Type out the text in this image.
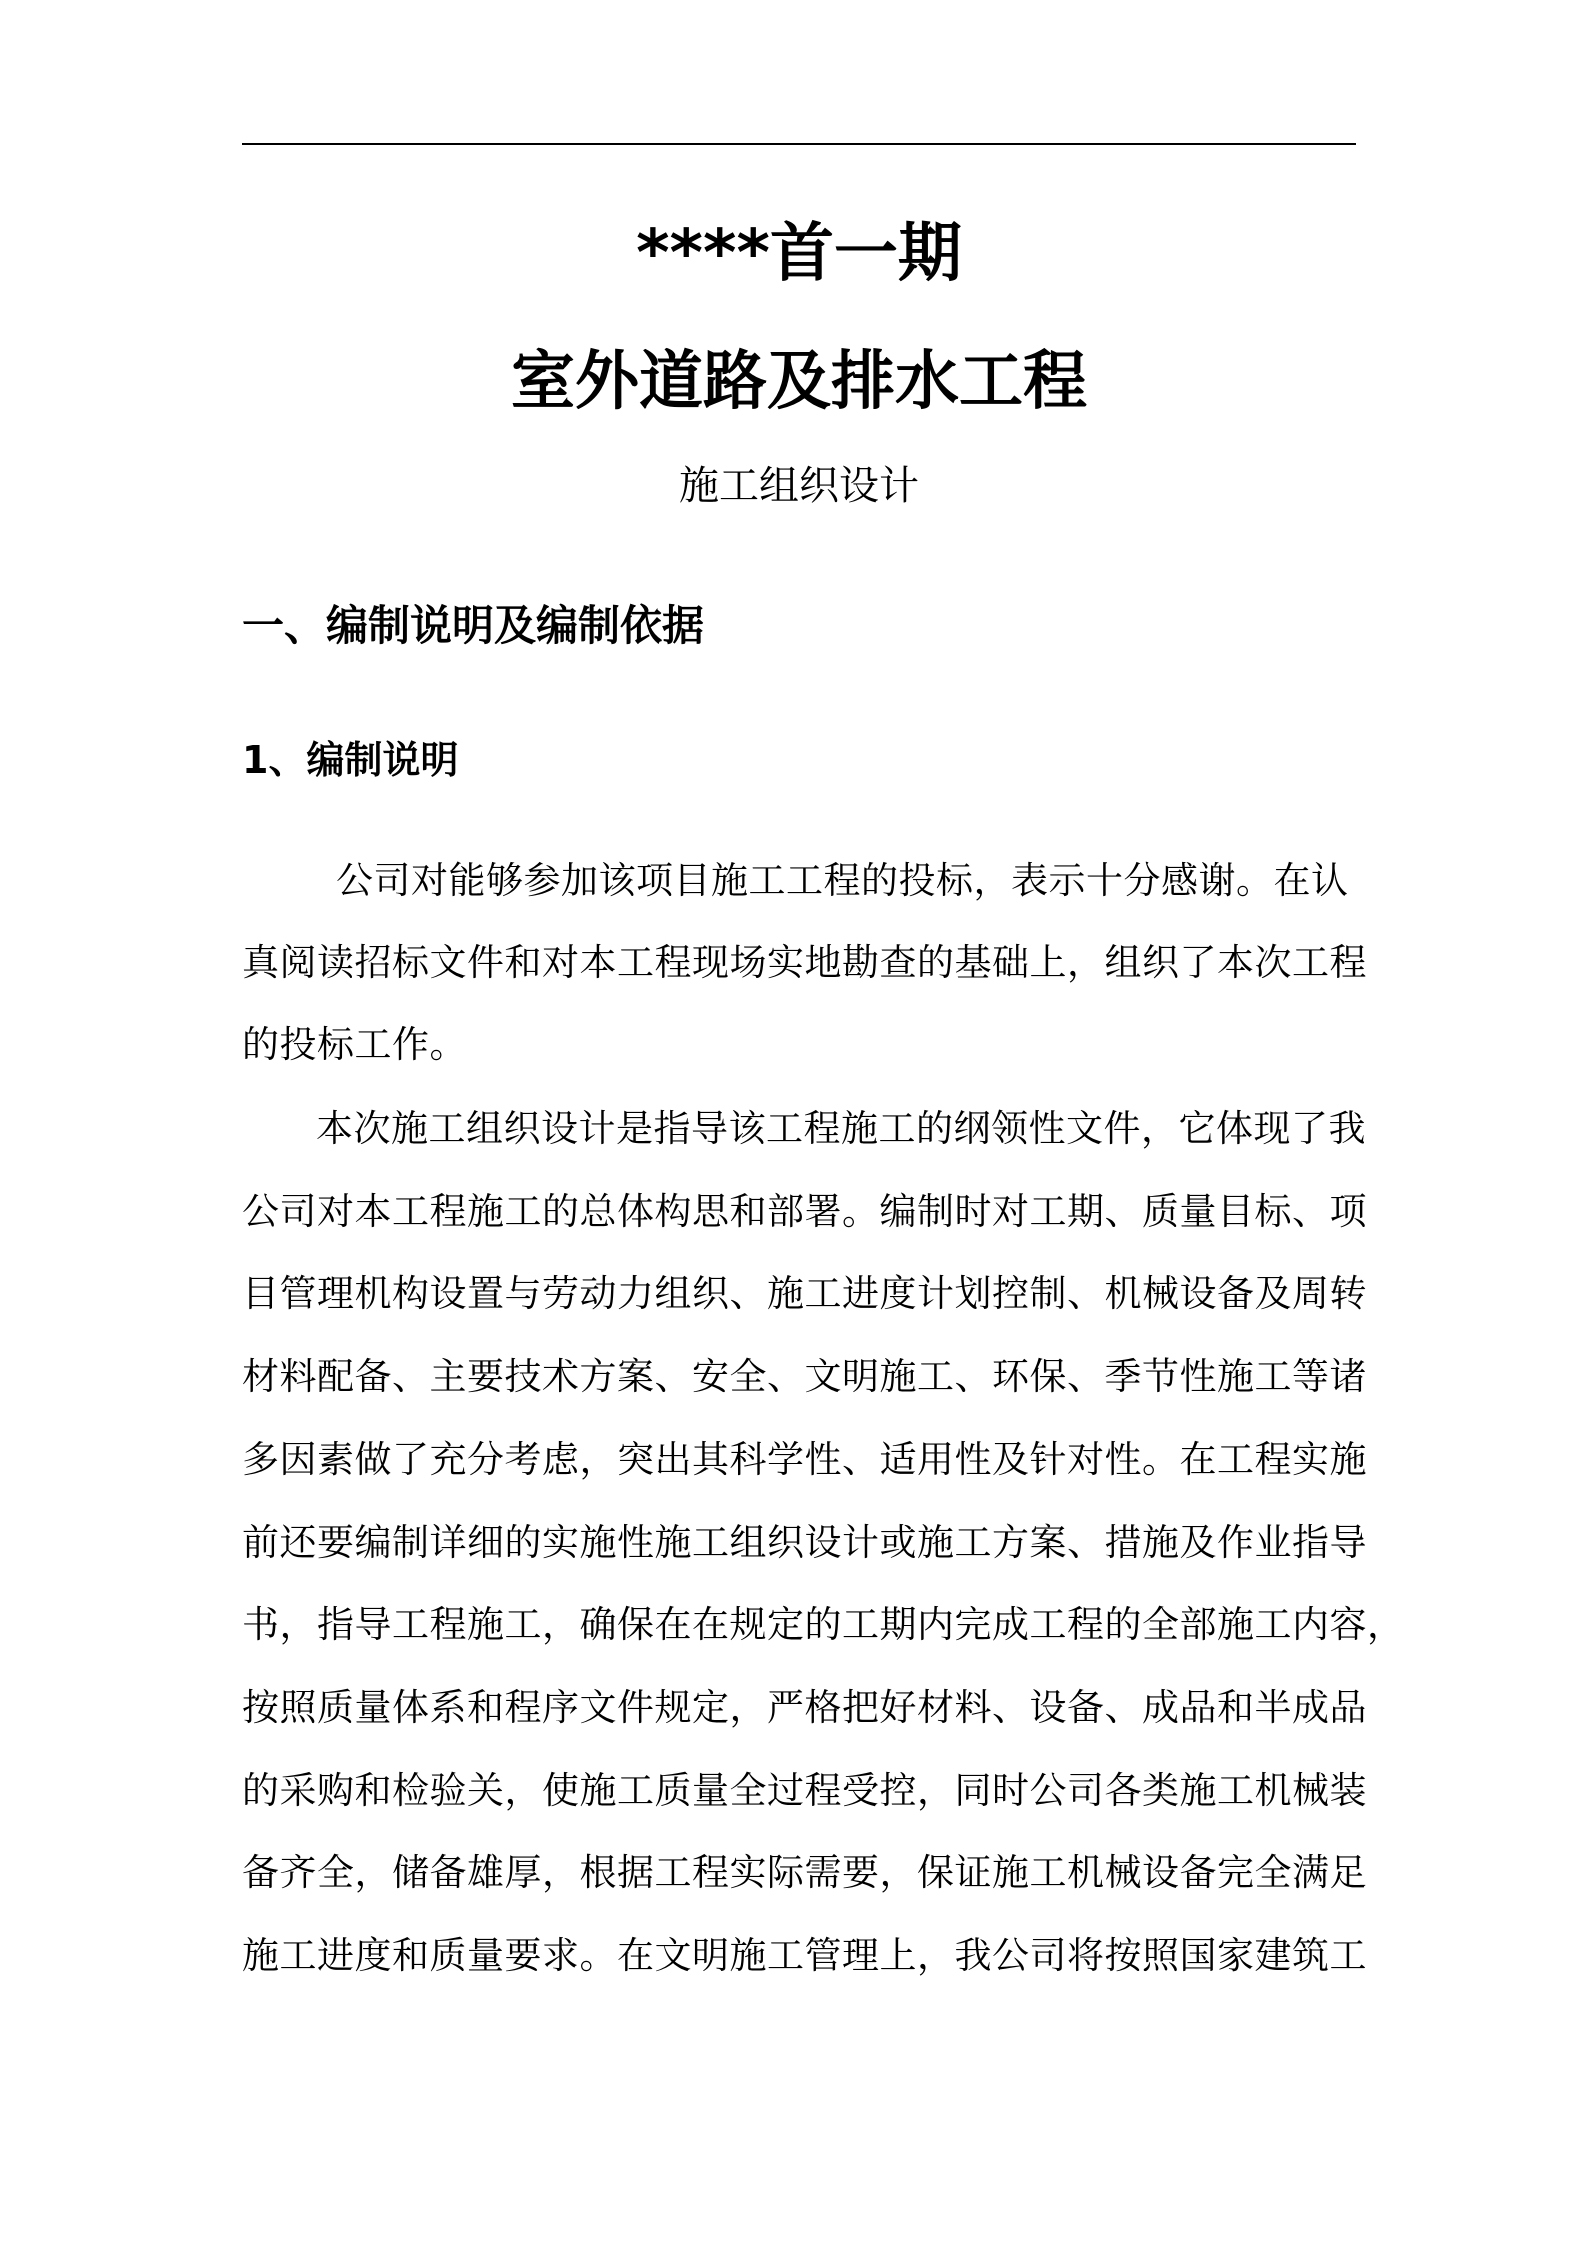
****首一期
室外道路及排水工程
施工组织设计
一、编制说明及编制依据
1、编制说明
公司对能够参加该项目施工工程的投标，表示十分感谢。在认
真阅读招标文件和对本工程现场实地勘查的基础上，组织了本次工程
的投标工作。
本次施工组织设计是指导该工程施工的纲领性文件，它体现了我
公司对本工程施工的总体构思和部署。编制时对工期、质量目标、项
目管理机构设置与劳动力组织、施工进度计划控制、机械设备及周转
材料配备、主要技术方案、安全、文明施工、环保、季节性施工等诸
多因素做了充分考虑，突出其科学性、适用性及针对性。在工程实施
前还要编制详细的实施性施工组织设计或施工方案、措施及作业指导
书，指导工程施工，确保在在规定的工期内完成工程的全部施工内容，
按照质量体系和程序文件规定，严格把好材料、设备、成品和半成品
的采购和检验关，使施工质量全过程受控，同时公司各类施工机械装
备齐全，储备雄厚，根据工程实际需要，保证施工机械设备完全满足
施工进度和质量要求。在文明施工管理上，我公司将按照国家建筑工
